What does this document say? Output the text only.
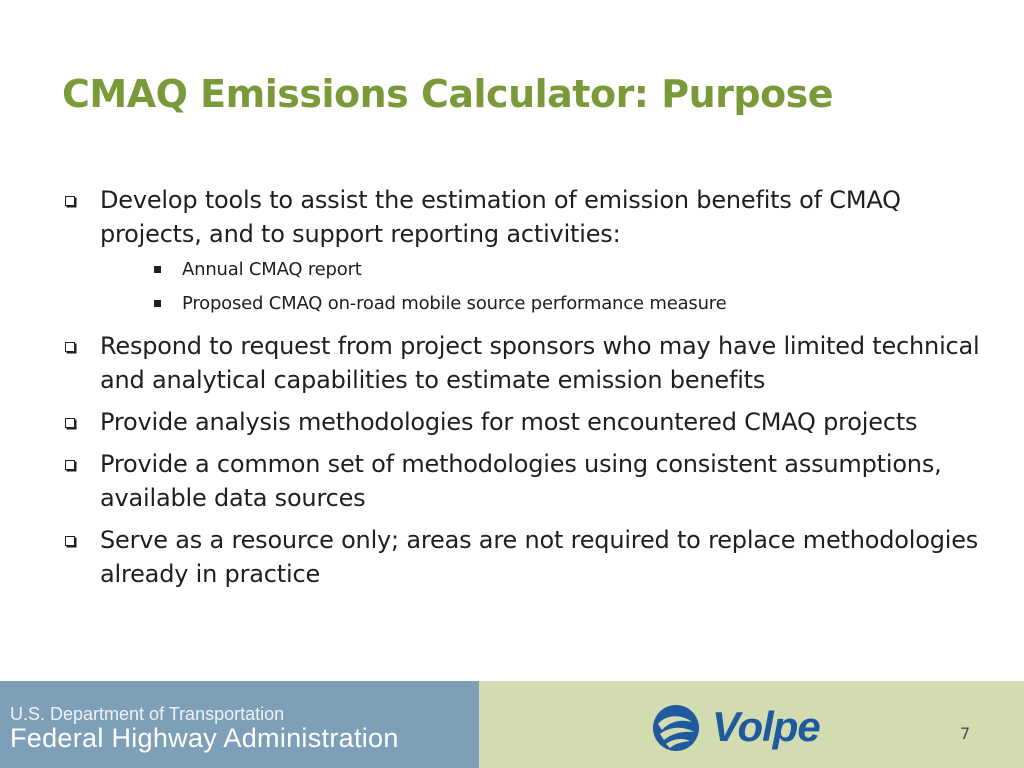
CMAQ Emissions Calculator: Purpose
Develop tools to assist the estimation of emission benefits of CMAQ projects, and to support reporting activities:
Annual CMAQ report
Proposed CMAQ on-road mobile source performance measure
Respond to request from project sponsors who may have limited technical and analytical capabilities to estimate emission benefits
Provide analysis methodologies for most encountered CMAQ projects
Provide a common set of methodologies using consistent assumptions, available data sources
Serve as a resource only; areas are not required to replace methodologies already in practice
U.S. Department of Transportation
Federal Highway Administration	Volpe	7
